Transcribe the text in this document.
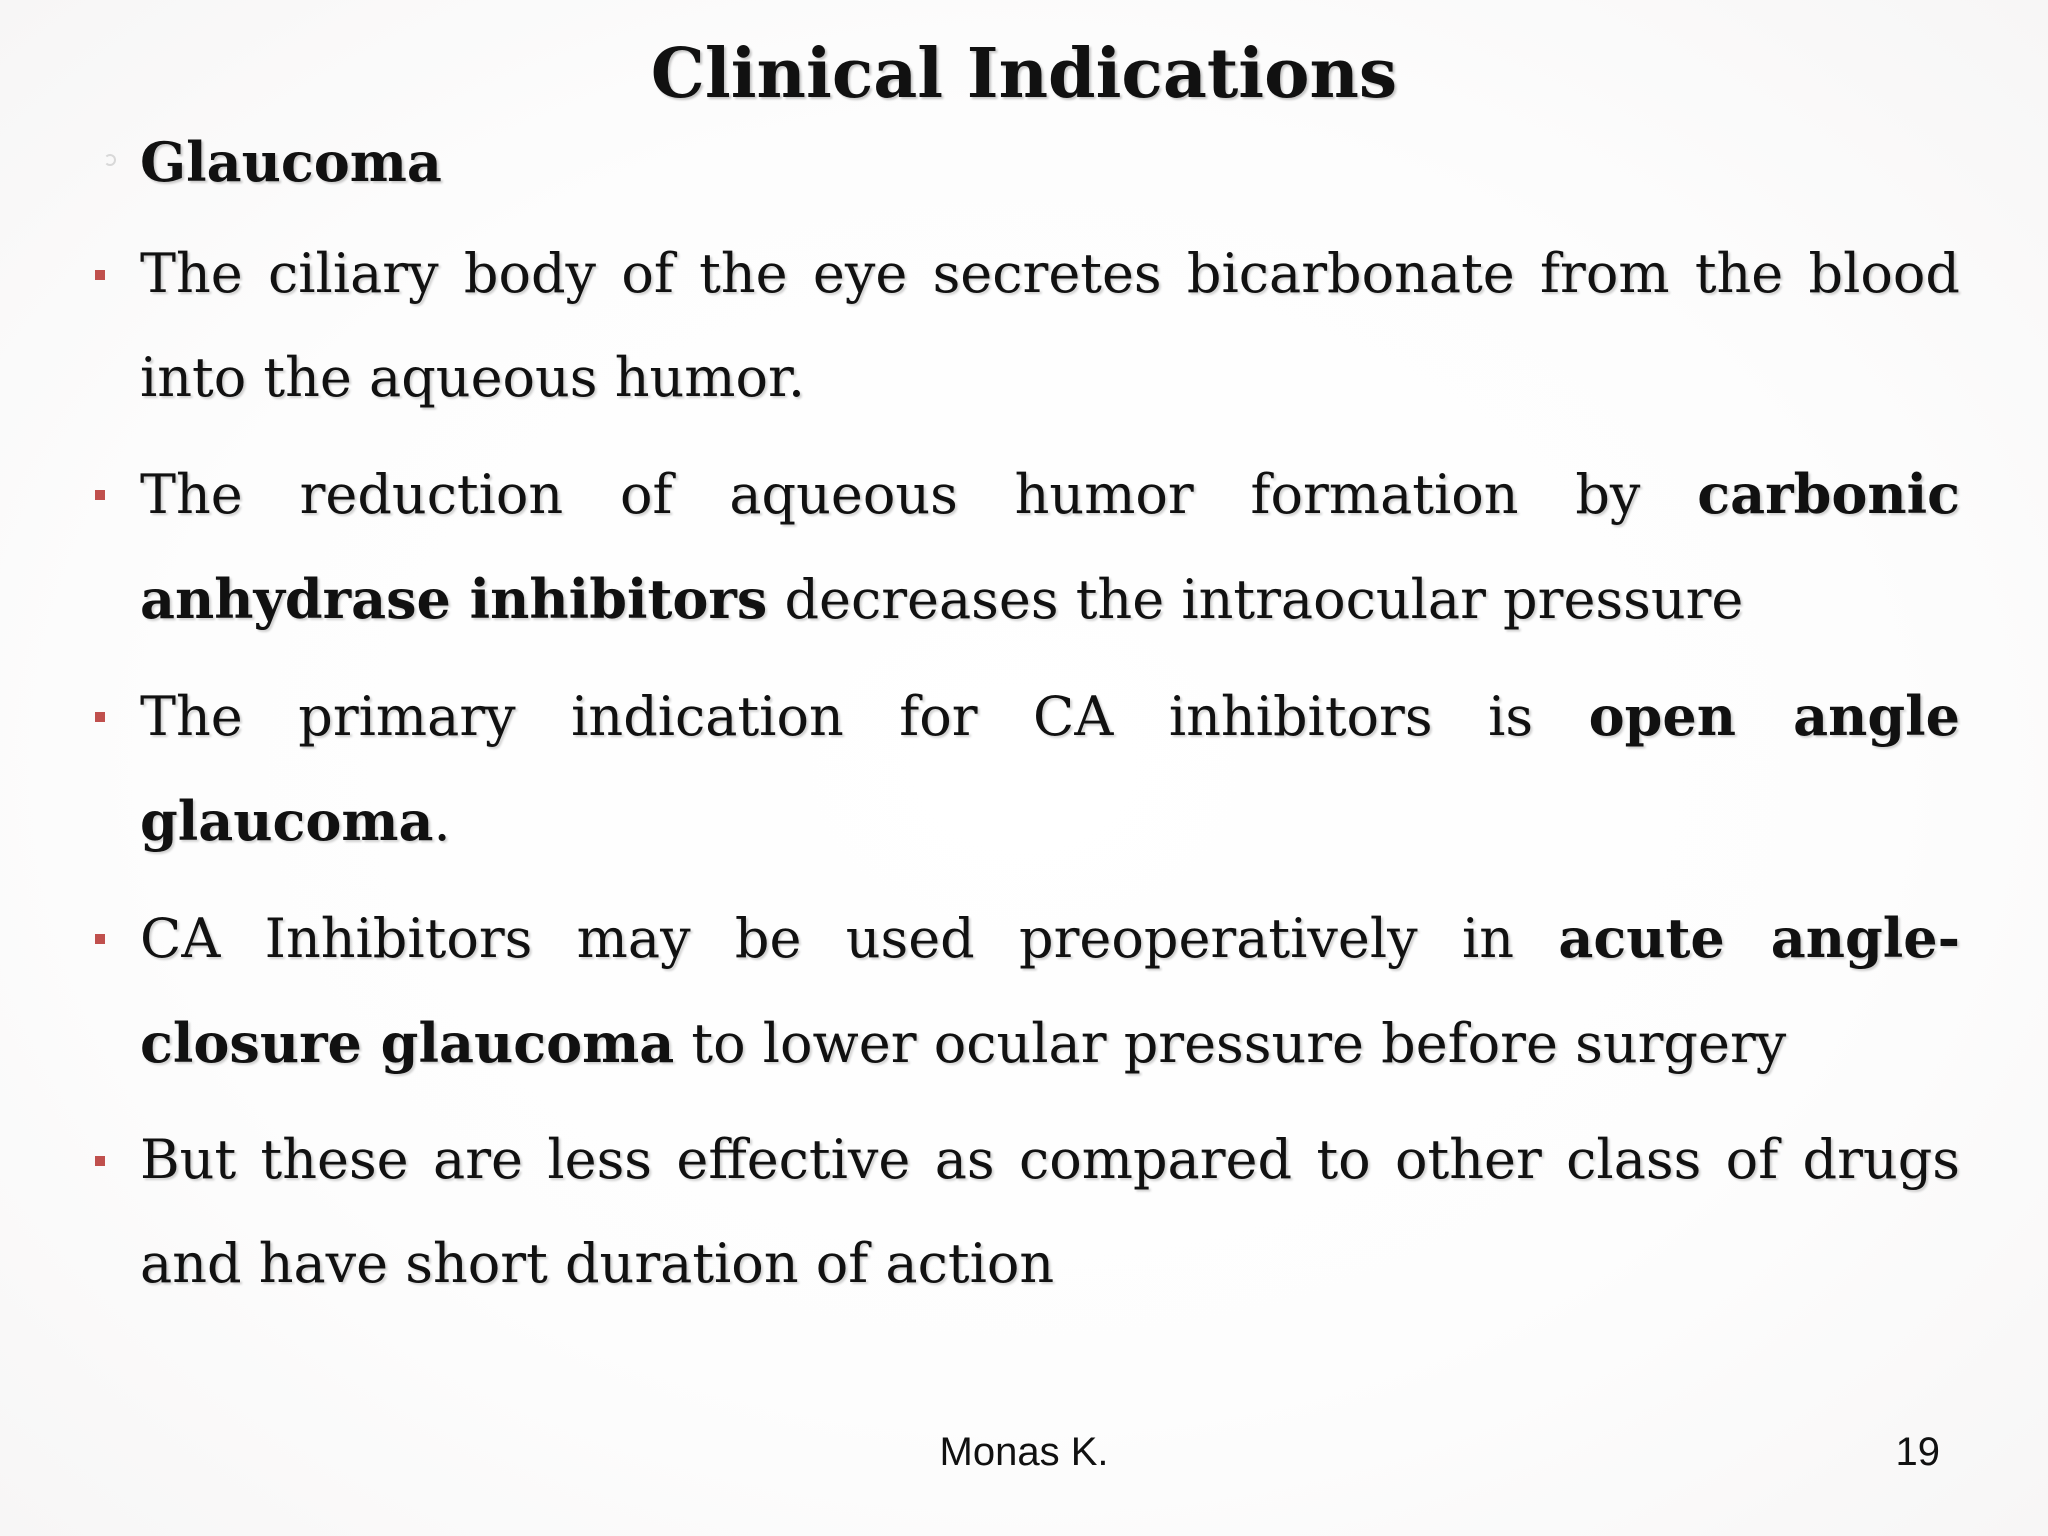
Clinical Indications
Glaucoma
The ciliary body of the eye secretes bicarbonate from the blood into the aqueous humor.
The reduction of aqueous humor formation by carbonic anhydrase inhibitors decreases the intraocular pressure
The primary indication for CA inhibitors is open angle glaucoma.
CA Inhibitors may be used preoperatively in acute angle-closure glaucoma to lower ocular pressure before surgery
But these are less effective as compared to other class of drugs and have short duration of action
Monas K.	19
